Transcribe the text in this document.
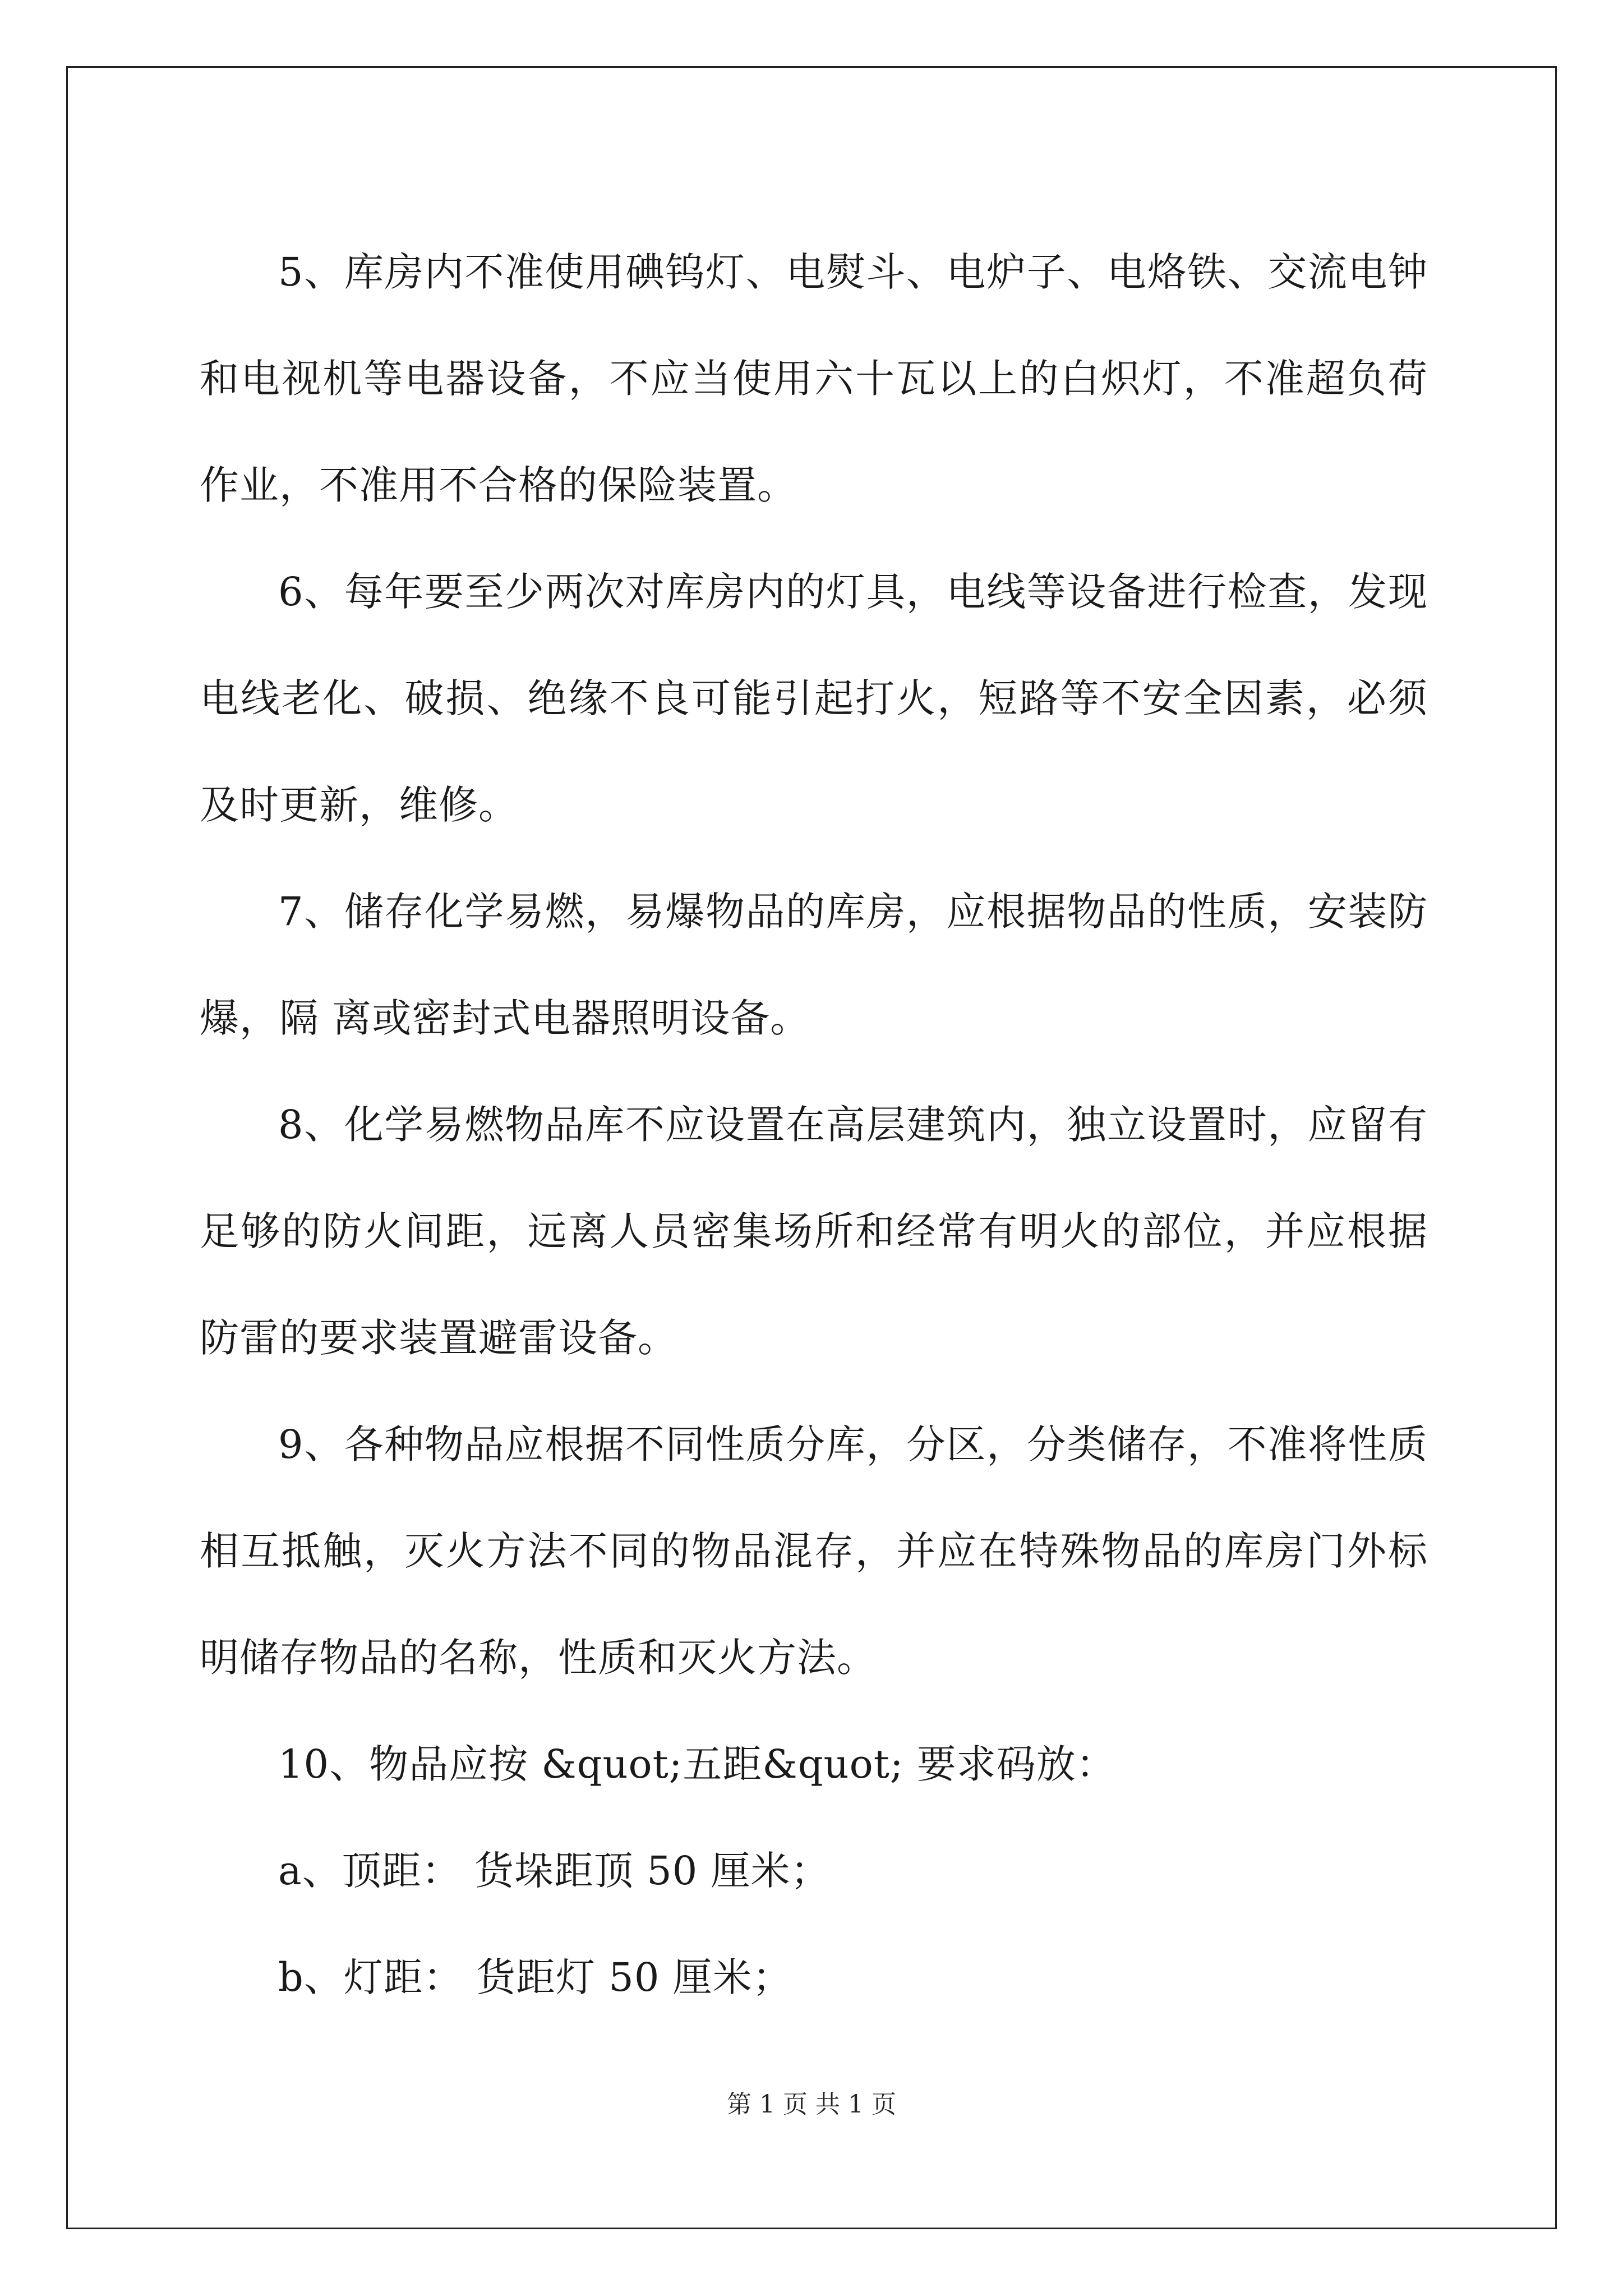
5、库房内不准使用碘钨灯、电熨斗、电炉子、电烙铁、交流电钟和电视机等电器设备，不应当使用六十瓦以上的白炽灯，不准超负荷作业，不准用不合格的保险装置。

6、每年要至少两次对库房内的灯具，电线等设备进行检查，发现电线老化、破损、绝缘不良可能引起打火，短路等不安全因素，必须及时更新，维修。

7、储存化学易燃，易爆物品的库房，应根据物品的性质，安装防爆，隔 离或密封式电器照明设备。

8、化学易燃物品库不应设置在高层建筑内，独立设置时，应留有足够的防火间距，远离人员密集场所和经常有明火的部位，并应根据防雷的要求装置避雷设备。

9、各种物品应根据不同性质分库，分区，分类储存，不准将性质相互抵触，灭火方法不同的物品混存，并应在特殊物品的库房门外标明储存物品的名称，性质和灭火方法。

10、物品应按 &quot;五距&quot; 要求码放：

a、顶距： 货垛距顶 50 厘米；

b、灯距： 货距灯 50 厘米；

第 1 页 共 1 页
